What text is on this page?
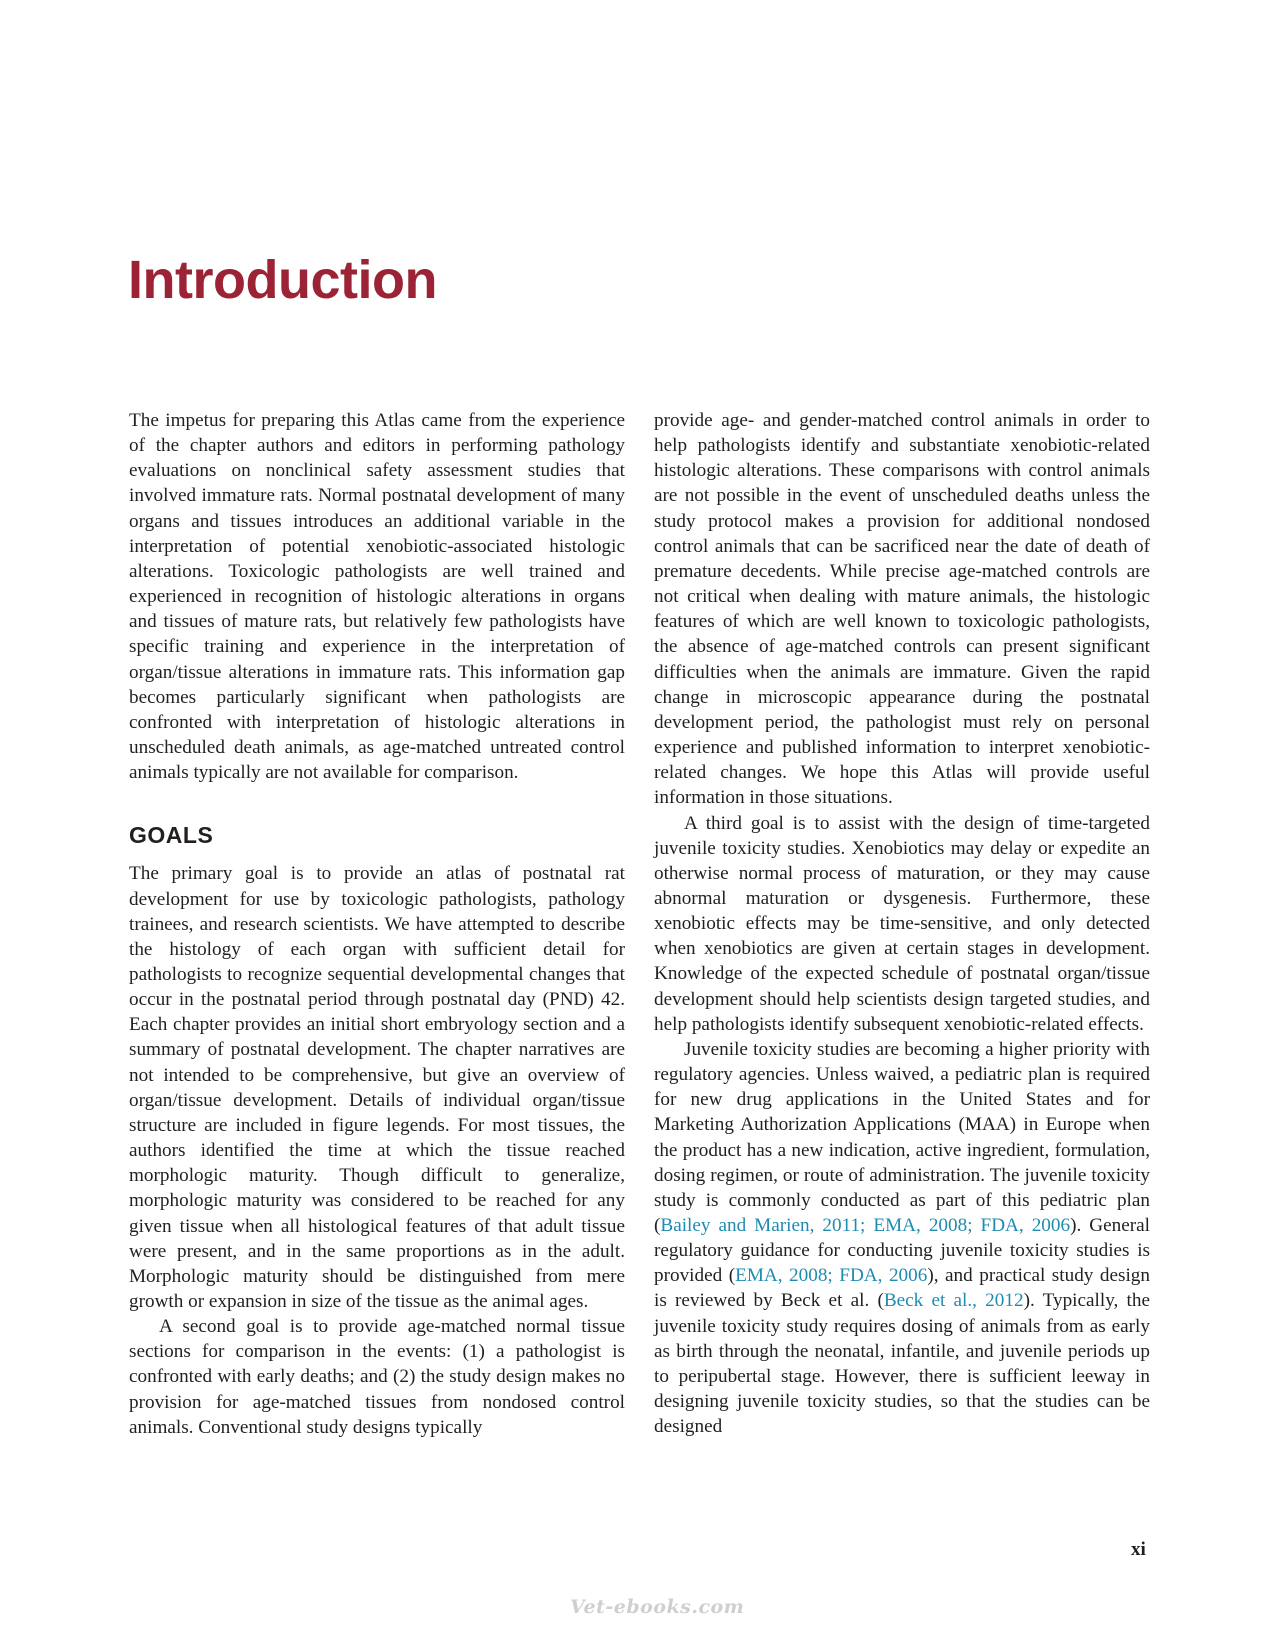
Introduction

The impetus for preparing this Atlas came from the experience of the chapter authors and editors in performing pathology evaluations on nonclinical safety assessment studies that involved immature rats. Normal postnatal development of many organs and tissues introduces an additional variable in the interpretation of potential xenobiotic-associated histologic alterations. Toxicologic pathologists are well trained and experienced in recognition of histologic alterations in organs and tissues of mature rats, but relatively few pathologists have specific training and experience in the interpretation of organ/tissue alterations in immature rats. This information gap becomes particularly significant when pathologists are confronted with interpretation of histologic alterations in unscheduled death animals, as age-matched untreated control animals typically are not available for comparison.

GOALS

The primary goal is to provide an atlas of postnatal rat development for use by toxicologic pathologists, pathology trainees, and research scientists. We have attempted to describe the histology of each organ with sufficient detail for pathologists to recognize sequential developmental changes that occur in the postnatal period through postnatal day (PND) 42. Each chapter provides an initial short embryology section and a summary of postnatal development. The chapter narratives are not intended to be comprehensive, but give an overview of organ/tissue development. Details of individual organ/tissue structure are included in figure legends. For most tissues, the authors identified the time at which the tissue reached morphologic maturity. Though difficult to generalize, morphologic maturity was considered to be reached for any given tissue when all histological features of that adult tissue were present, and in the same proportions as in the adult. Morphologic maturity should be distinguished from mere growth or expansion in size of the tissue as the animal ages.

A second goal is to provide age-matched normal tissue sections for comparison in the events: (1) a pathologist is confronted with early deaths; and (2) the study design makes no provision for age-matched tissues from nondosed control animals. Conventional study designs typically

provide age- and gender-matched control animals in order to help pathologists identify and substantiate xenobiotic-related histologic alterations. These comparisons with control animals are not possible in the event of unscheduled deaths unless the study protocol makes a provision for additional nondosed control animals that can be sacrificed near the date of death of premature decedents. While precise age-matched controls are not critical when dealing with mature animals, the histologic features of which are well known to toxicologic pathologists, the absence of age-matched controls can present significant difficulties when the animals are immature. Given the rapid change in microscopic appearance during the postnatal development period, the pathologist must rely on personal experience and published information to interpret xenobiotic-related changes. We hope this Atlas will provide useful information in those situations.

A third goal is to assist with the design of time-targeted juvenile toxicity studies. Xenobiotics may delay or expedite an otherwise normal process of maturation, or they may cause abnormal maturation or dysgenesis. Furthermore, these xenobiotic effects may be time-sensitive, and only detected when xenobiotics are given at certain stages in development. Knowledge of the expected schedule of postnatal organ/tissue development should help scientists design targeted studies, and help pathologists identify subsequent xenobiotic-related effects.

Juvenile toxicity studies are becoming a higher priority with regulatory agencies. Unless waived, a pediatric plan is required for new drug applications in the United States and for Marketing Authorization Applications (MAA) in Europe when the product has a new indication, active ingredient, formulation, dosing regimen, or route of administration. The juvenile toxicity study is commonly conducted as part of this pediatric plan (Bailey and Marien, 2011; EMA, 2008; FDA, 2006). General regulatory guidance for conducting juvenile toxicity studies is provided (EMA, 2008; FDA, 2006), and practical study design is reviewed by Beck et al. (Beck et al., 2012). Typically, the juvenile toxicity study requires dosing of animals from as early as birth through the neonatal, infantile, and juvenile periods up to peripubertal stage. However, there is sufficient leeway in designing juvenile toxicity studies, so that the studies can be designed

xi
Vet-ebooks.com
